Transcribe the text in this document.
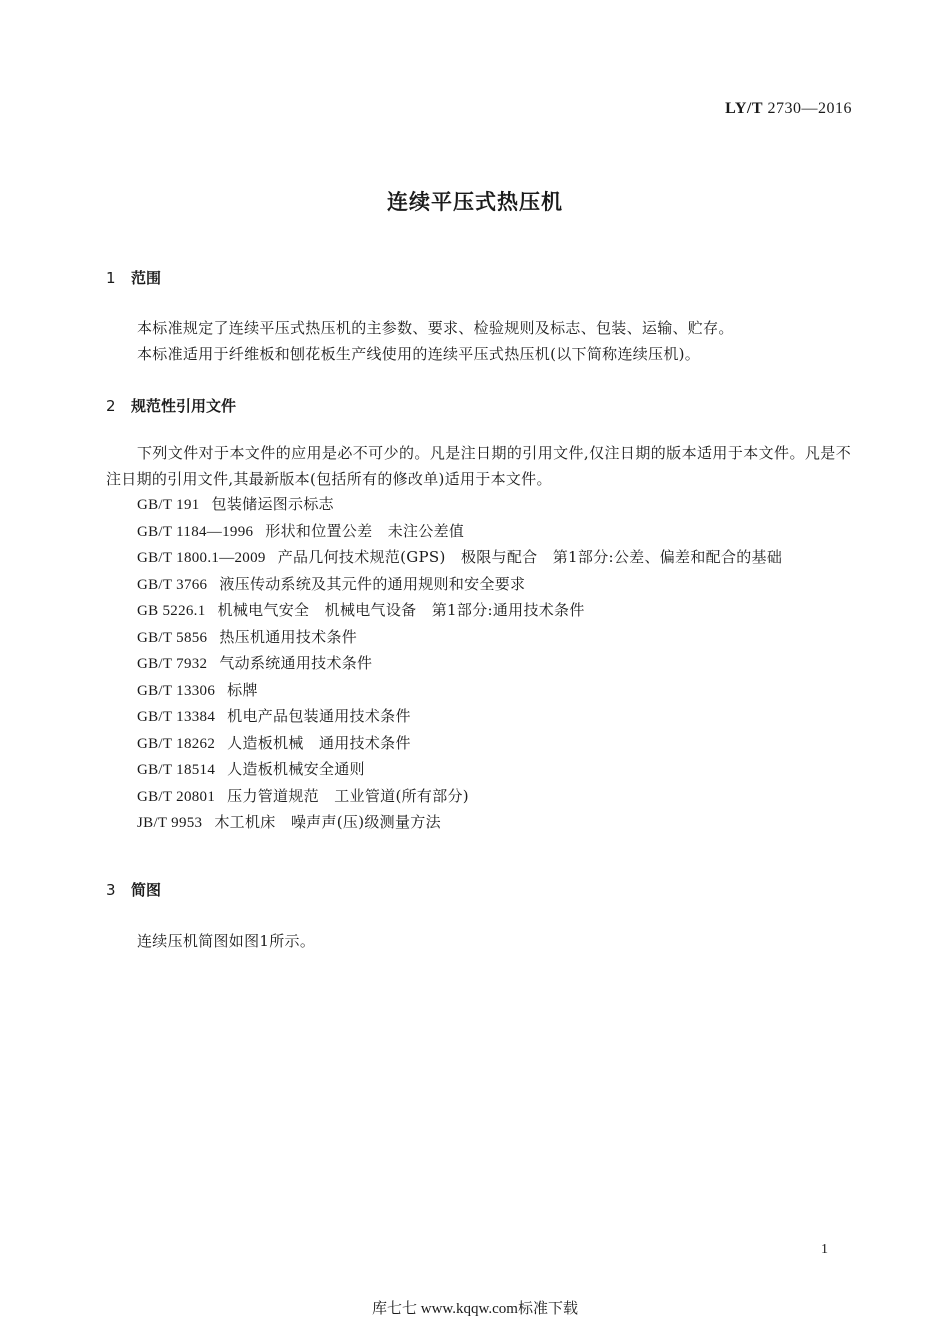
LY/T 2730—2016
连续平压式热压机
1 范围
本标准规定了连续平压式热压机的主参数、要求、检验规则及标志、包装、运输、贮存。
本标准适用于纤维板和刨花板生产线使用的连续平压式热压机(以下简称连续压机)。
2 规范性引用文件
下列文件对于本文件的应用是必不可少的。凡是注日期的引用文件,仅注日期的版本适用于本文件。凡是不注日期的引用文件,其最新版本(包括所有的修改单)适用于本文件。
GB/T 191 包装储运图示标志
GB/T 1184—1996 形状和位置公差　未注公差值
GB/T 1800.1—2009 产品几何技术规范(GPS)　极限与配合　第1部分:公差、偏差和配合的基础
GB/T 3766 液压传动系统及其元件的通用规则和安全要求
GB 5226.1 机械电气安全　机械电气设备　第1部分:通用技术条件
GB/T 5856 热压机通用技术条件
GB/T 7932 气动系统通用技术条件
GB/T 13306 标牌
GB/T 13384 机电产品包装通用技术条件
GB/T 18262 人造板机械　通用技术条件
GB/T 18514 人造板机械安全通则
GB/T 20801 压力管道规范　工业管道(所有部分)
JB/T 9953 木工机床　噪声声(压)级测量方法
3 简图
连续压机简图如图1所示。
1
库七七 www.kqqw.com标准下载
